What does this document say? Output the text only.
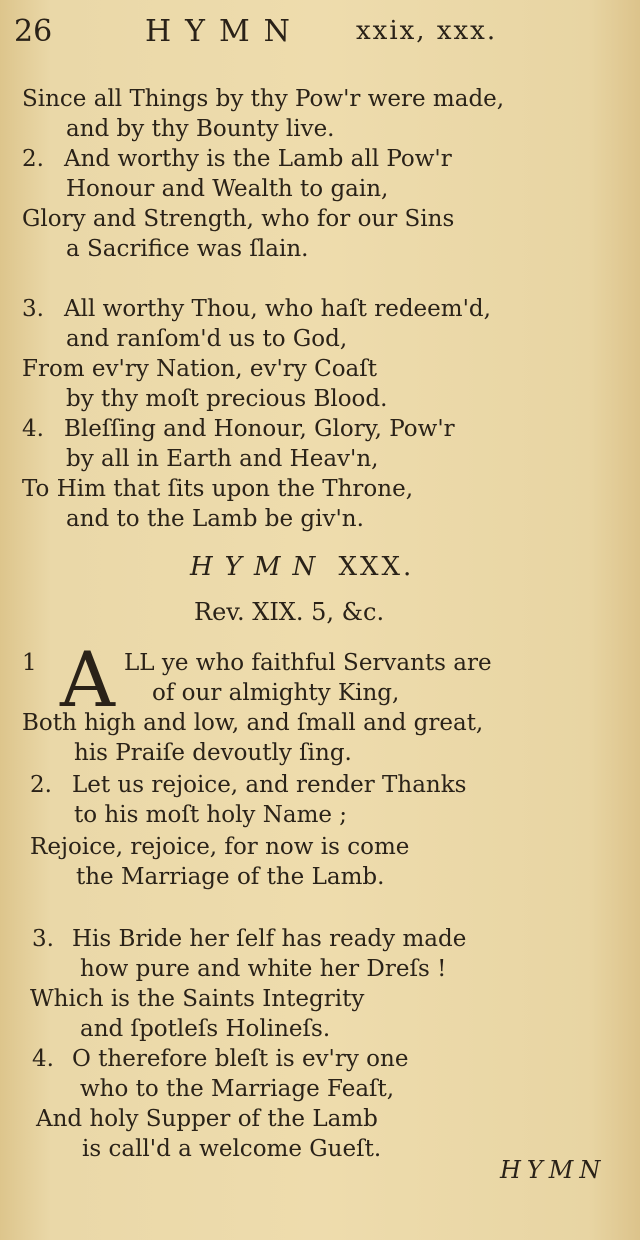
26	HYMN xxix, xxx.
Since all Things by thy Pow'r were made,
and by thy Bounty live.
2. And worthy is the Lamb all Pow'r
Honour and Wealth to gain,
Glory and Strength, who for our Sins
a Sacrifice was ſlain.
3. All worthy Thou, who haſt redeem'd,
and ranſom'd us to God,
From ev'ry Nation, ev'ry Coaſt
by thy moſt precious Blood.
4. Bleſſing and Honour, Glory, Pow'r
by all in Earth and Heav'n,
To Him that ſits upon the Throne,
and to the Lamb be giv'n.
HYMN XXX.
Rev. XIX. 5, &c.
1 A LL ye who faithful Servants are
of our almighty King,
Both high and low, and ſmall and great,
his Praiſe devoutly ſing.
2. Let us rejoice, and render Thanks
to his moſt holy Name ;
Rejoice, rejoice, for now is come
the Marriage of the Lamb.
3. His Bride her ſelf has ready made
how pure and white her Dreſs !
Which is the Saints Integrity
and ſpotleſs Holineſs.
4. O therefore bleſt is ev'ry one
who to the Marriage Feaſt,
And holy Supper of the Lamb
is call'd a welcome Gueſt.
HYMN
